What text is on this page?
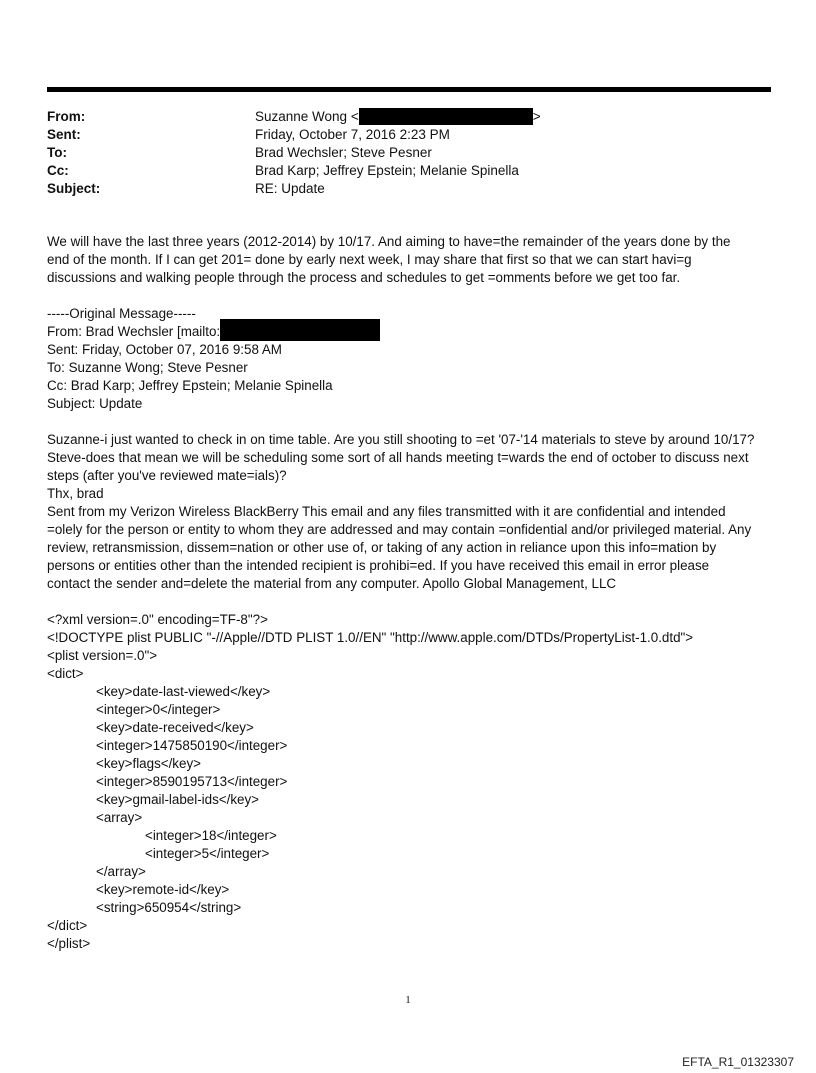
From:	Suzanne Wong <	>
Sent:	Friday, October 7, 2016 2:23 PM
To:	Brad Wechsler; Steve Pesner
Cc:	Brad Karp; Jeffrey Epstein; Melanie Spinella
Subject:	RE: Update
We will have the last three years (2012-2014) by 10/17. And aiming to have=the remainder of the years done by the
end of the month. If I can get 201= done by early next week, I may share that first so that we can start havi=g
discussions and walking people through the process and schedules to get =omments before we get too far.
-----Original Message-----
From: Brad Wechsler [mailto:
Sent: Friday, October 07, 2016 9:58 AM
To: Suzanne Wong; Steve Pesner
Cc: Brad Karp; Jeffrey Epstein; Melanie Spinella
Subject: Update
Suzanne-i just wanted to check in on time table. Are you still shooting to =et '07-'14 materials to steve by around 10/17?
Steve-does that mean we will be scheduling some sort of all hands meeting t=wards the end of october to discuss next
steps (after you've reviewed mate=ials)?
Thx, brad
Sent from my Verizon Wireless BlackBerry This email and any files transmitted with it are confidential and intended
=olely for the person or entity to whom they are addressed and may contain =onfidential and/or privileged material. Any
review, retransmission, dissem=nation or other use of, or taking of any action in reliance upon this info=mation by
persons or entities other than the intended recipient is prohibi=ed. If you have received this email in error please
contact the sender and=delete the material from any computer. Apollo Global Management, LLC
<?xml version=.0" encoding=TF-8"?>
<!DOCTYPE plist PUBLIC "-//Apple//DTD PLIST 1.0//EN" "http://www.apple.com/DTDs/PropertyList-1.0.dtd">
<plist version=.0">
<dict>
<key>date-last-viewed</key>
<integer>0</integer>
<key>date-received</key>
<integer>1475850190</integer>
<key>flags</key>
<integer>8590195713</integer>
<key>gmail-label-ids</key>
<array>
<integer>18</integer>
<integer>5</integer>
</array>
<key>remote-id</key>
<string>650954</string>
</dict>
</plist>
1
EFTA_R1_01323307
